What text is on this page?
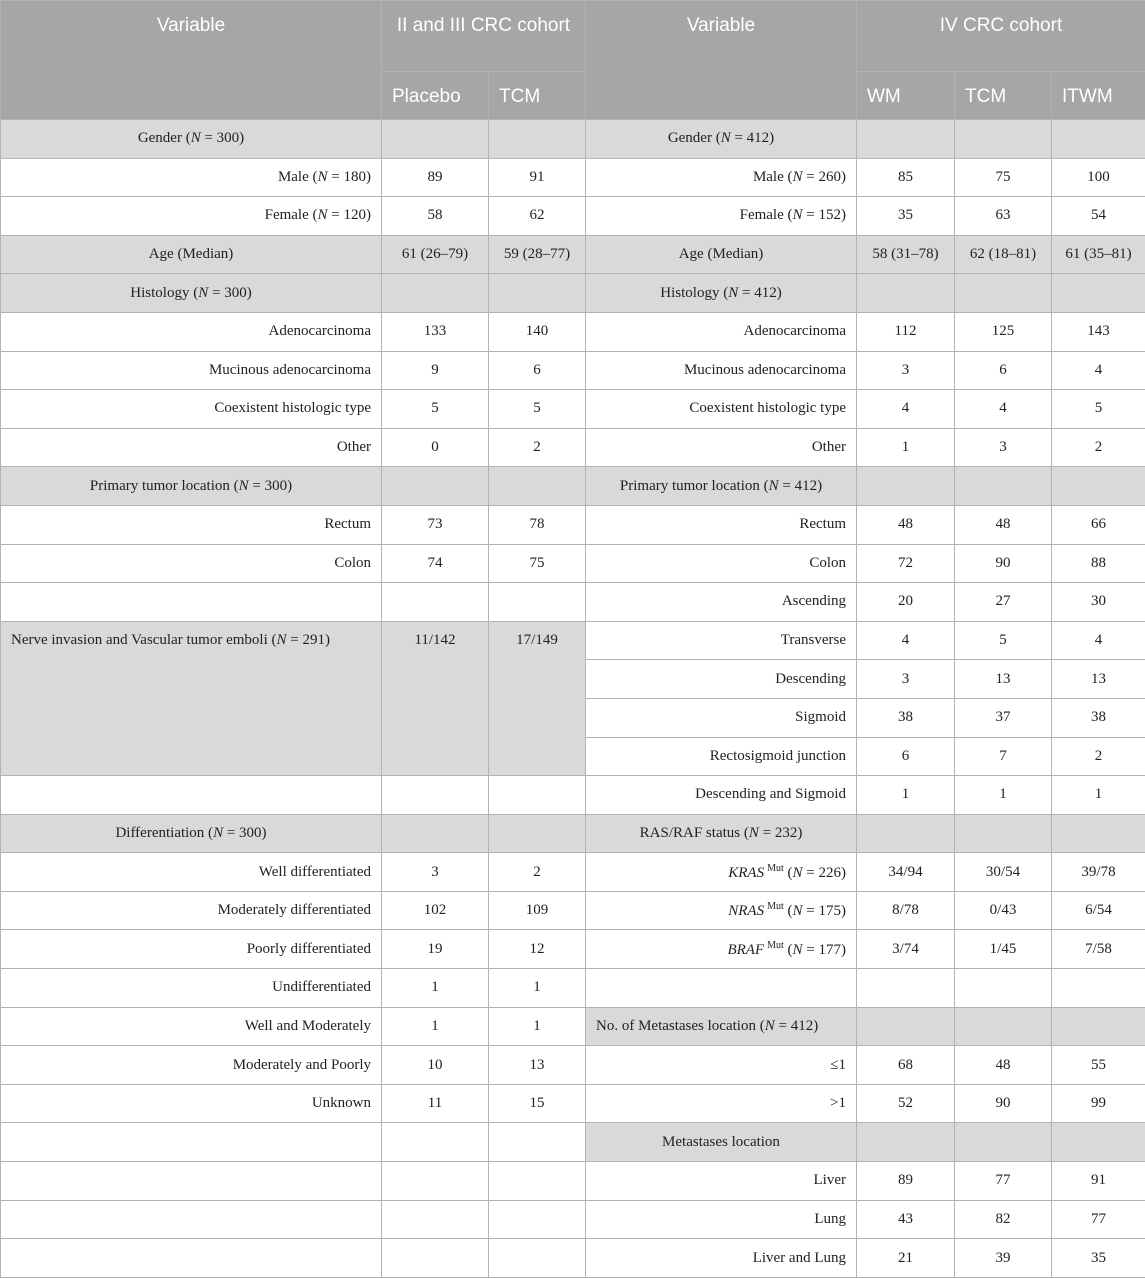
Variable	II and III CRC cohort		Variable	IV CRC cohort		
	Placebo	TCM		WM	TCM	ITWM
Gender (N = 300)			Gender (N = 412)			
Male (N = 180)	89	91	Male (N = 260)	85	75	100
Female (N = 120)	58	62	Female (N = 152)	35	63	54
Age (Median)	61 (26–79)	59 (28–77)	Age (Median)	58 (31–78)	62 (18–81)	61 (35–81)
Histology (N = 300)			Histology (N = 412)			
Adenocarcinoma	133	140	Adenocarcinoma	112	125	143
Mucinous adenocarcinoma	9	6	Mucinous adenocarcinoma	3	6	4
Coexistent histologic type	5	5	Coexistent histologic type	4	4	5
Other	0	2	Other	1	3	2
Primary tumor location (N = 300)			Primary tumor location (N = 412)			
Rectum	73	78	Rectum	48	48	66
Colon	74	75	Colon	72	90	88
			Ascending	20	27	30
Nerve invasion and Vascular tumor emboli (N = 291)	11/142	17/149	Transverse	4	5	4
			Descending	3	13	13
			Sigmoid	38	37	38
			Rectosigmoid junction	6	7	2
			Descending and Sigmoid	1	1	1
Differentiation (N = 300)			RAS/RAF status (N = 232)			
Well differentiated	3	2	KRAS $^{Mut}$ (N = 226)	34/94	30/54	39/78
Moderately differentiated	102	109	NRAS $^{Mut}$ (N = 175)	8/78	0/43	6/54
Poorly differentiated	19	12	BRAF $^{Mut}$ (N = 177)	3/74	1/45	7/58
Undifferentiated	1	1				
Well and Moderately	1	1	No. of Metastases location (N = 412)			
Moderately and Poorly	10	13	≤1	68	48	55
Unknown	11	15	>1	52	90	99
			Metastases location			
			Liver	89	77	91
			Lung	43	82	77
			Liver and Lung	21	39	35
